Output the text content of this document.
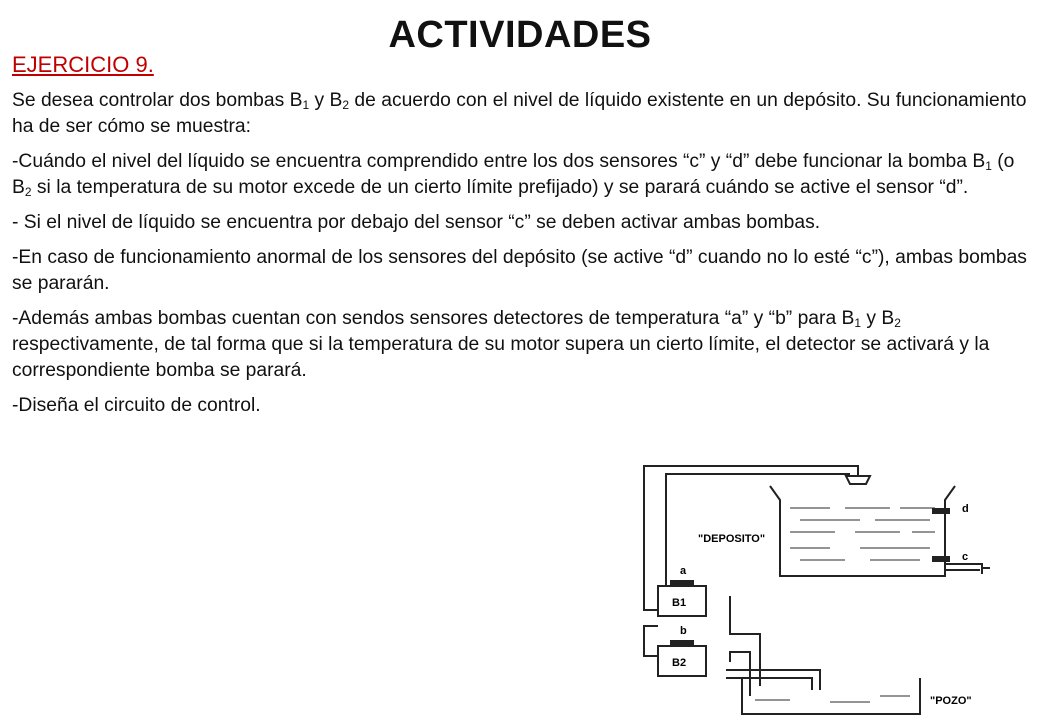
ACTIVIDADES
EJERCICIO 9.

Se desea controlar dos bombas $B_1$ y $B_2$ de acuerdo con el nivel de líquido existente en un depósito. Su funcionamiento ha de ser cómo se muestra:

-Cuándo el nivel del líquido se encuentra comprendido entre los dos sensores “c” y “d” debe funcionar la bomba $B_1$ (o $B_2$ si la temperatura de su motor excede de un cierto límite prefijado) y se parará cuándo se active el sensor “d”.

- Si el nivel de líquido se encuentra por debajo del sensor “c” se deben activar ambas bombas.

-En caso de funcionamiento anormal de los sensores del depósito (se active “d” cuando no lo esté “c”), ambas bombas se pararán.

-Además ambas bombas cuentan con sendos sensores detectores de temperatura “a” y “b” para $B_1$ y $B_2$ respectivamente, de tal forma que si la temperatura de su motor supera un cierto límite, el detector se activará y la correspondiente bomba se parará.

-Diseña el circuito de control.

d
c
"DEPOSITO"
a
b
B1
B2
"POZO"
